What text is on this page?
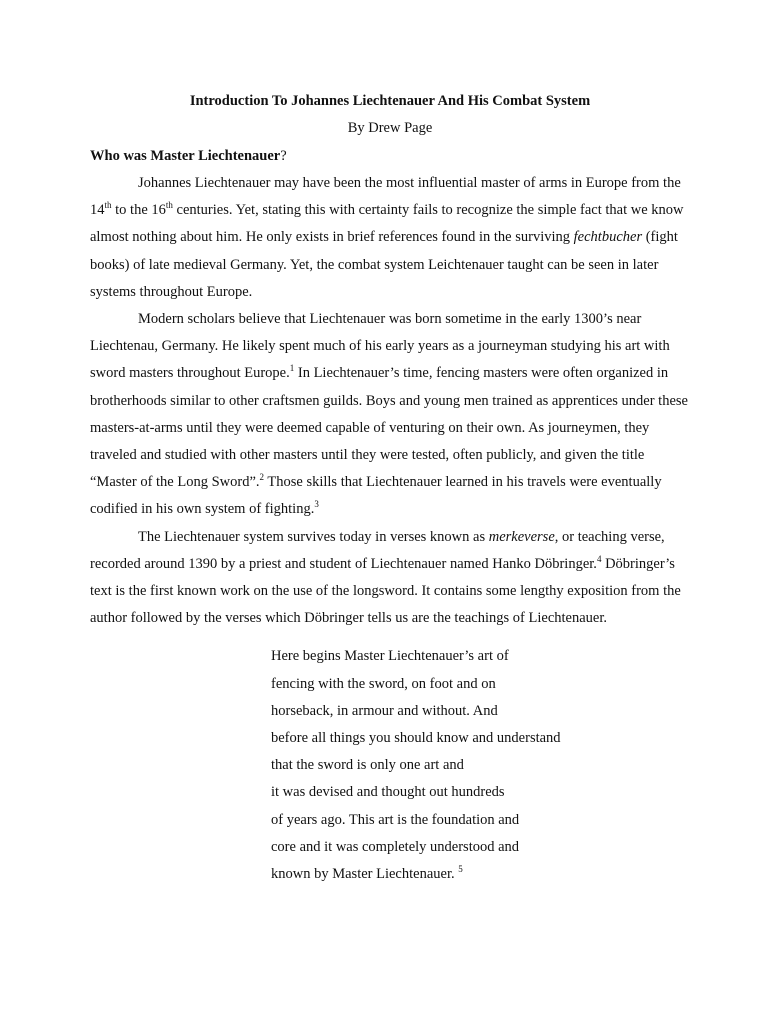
Introduction To Johannes Liechtenauer And His Combat System

By Drew Page

Who was Master Liechtenauer?

Johannes Liechtenauer may have been the most influential master of arms in Europe from the 14th to the 16th centuries. Yet, stating this with certainty fails to recognize the simple fact that we know almost nothing about him. He only exists in brief references found in the surviving fechtbucher (fight books) of late medieval Germany. Yet, the combat system Leichtenauer taught can be seen in later systems throughout Europe.

Modern scholars believe that Liechtenauer was born sometime in the early 1300’s near Liechtenau, Germany. He likely spent much of his early years as a journeyman studying his art with sword masters throughout Europe.$^1$ In Liechtenauer’s time, fencing masters were often organized in brotherhoods similar to other craftsmen guilds. Boys and young men trained as apprentices under these masters-at-arms until they were deemed capable of venturing on their own. As journeymen, they traveled and studied with other masters until they were tested, often publicly, and given the title “Master of the Long Sword”.$^2$ Those skills that Liechtenauer learned in his travels were eventually codified in his own system of fighting.$^3$

The Liechtenauer system survives today in verses known as merkeverse, or teaching verse, recorded around 1390 by a priest and student of Liechtenauer named Hanko Döbringer.$^4$ Döbringer’s text is the first known work on the use of the longsword. It contains some lengthy exposition from the author followed by the verses which Döbringer tells us are the teachings of Liechtenauer.

Here begins Master Liechtenauer’s art of
fencing with the sword, on foot and on
horseback, in armour and without. And
before all things you should know and understand
that the sword is only one art and
it was devised and thought out hundreds
of years ago. This art is the foundation and
core and it was completely understood and
known by Master Liechtenauer. $^5$
